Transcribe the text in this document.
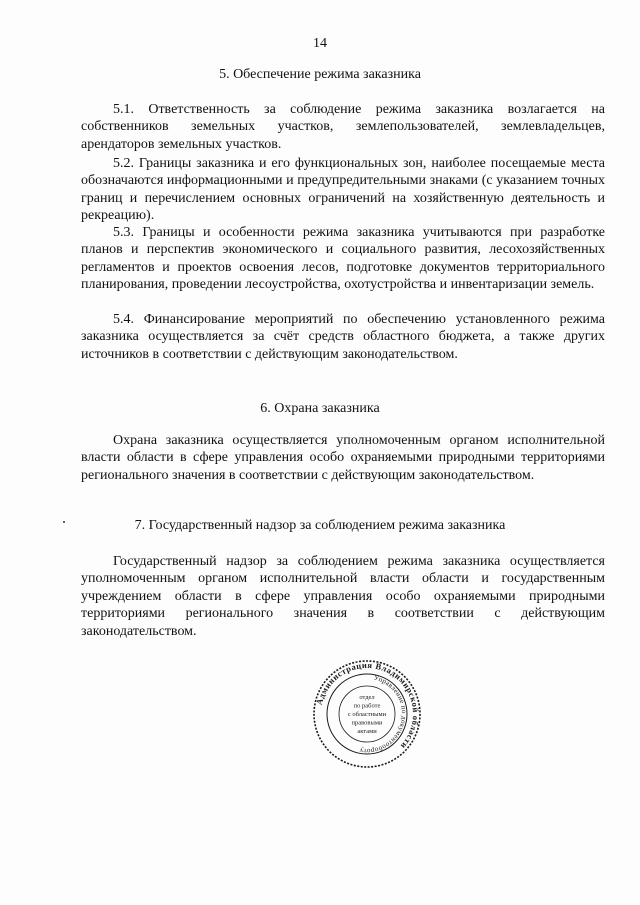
14
5. Обеспечение режима заказника

5.1. Ответственность за соблюдение режима заказника возлагается на собственников земельных участков, землепользователей, землевладельцев, арендаторов земельных участков.

5.2. Границы заказника и его функциональных зон, наиболее посещаемые места обозначаются информационными и предупредительными знаками (с указанием точных границ и перечислением основных ограничений на хозяйственную деятельность и рекреацию).

5.3. Границы и особенности режима заказника учитываются при разработке планов и перспектив экономического и социального развития, лесохозяйственных регламентов и проектов освоения лесов, подготовке документов территориального планирования, проведении лесоустройства, охотустройства и инвентаризации земель.

5.4. Финансирование мероприятий по обеспечению установленного режима заказника осуществляется за счёт средств областного бюджета, а также других источников в соответствии с действующим законодательством.

6. Охрана заказника

Охрана заказника осуществляется уполномоченным органом исполнительной власти области в сфере управления особо охраняемыми природными территориями регионального значения в соответствии с действующим законодательством.

7. Государственный надзор за соблюдением режима заказника

Государственный надзор за соблюдением режима заказника осуществляется уполномоченным органом исполнительной власти области и государственным учреждением области в сфере управления особо охраняемыми природными территориями регионального значения в соответствии с действующим законодательством.

Администрация Владимирской области
Управление по документообороту
отдел
по работе
с областными
правовыми
актами
